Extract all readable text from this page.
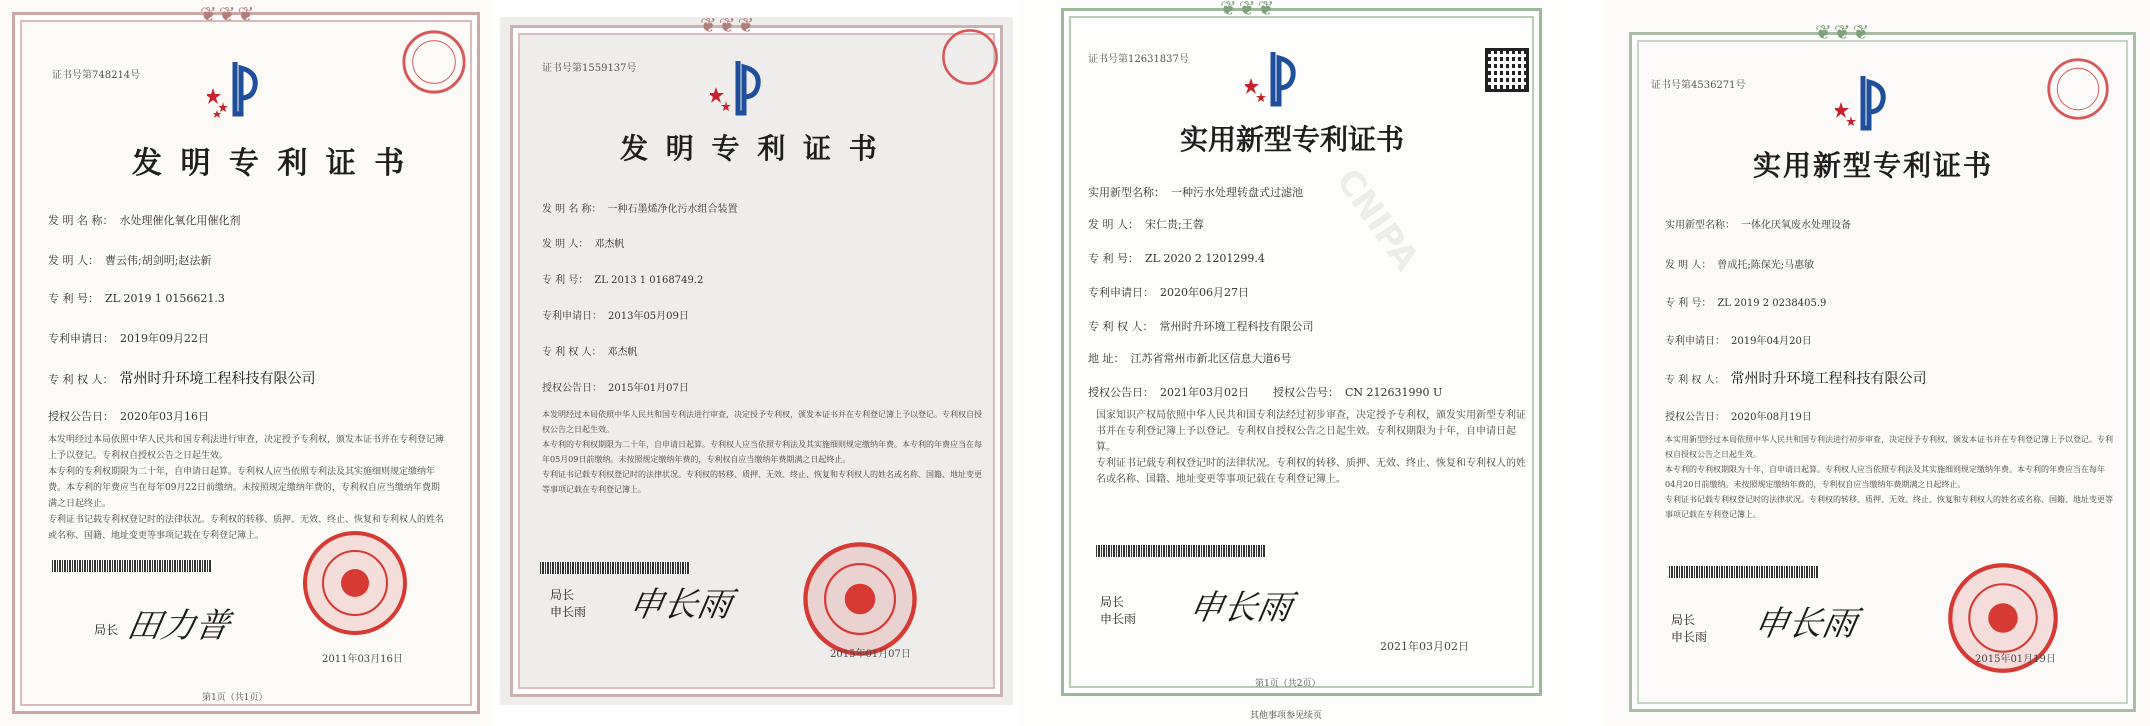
❦❦❦
证书号第748214号
发 明 专 利 证 书
发 明 名 称： 水处理催化氧化用催化剂
发 明 人： 曹云伟;胡剑明;赵法新
专 利 号： ZL 2019 1 0156621.3
专利申请日： 2019年09月22日
专 利 权 人： 常州时升环境工程科技有限公司
授权公告日： 2020年03月16日

本发明经过本局依照中华人民共和国专利法进行审查，决定授予专利权，颁发本证书并在专利登记簿上予以登记。专利权自授权公告之日起生效。

本专利的专利权期限为二十年，自申请日起算。专利权人应当依照专利法及其实施细则规定缴纳年费。本专利的年费应当在每年09月22日前缴纳。未按照规定缴纳年费的，专利权自应当缴纳年费期满之日起终止。

专利证书记载专利权登记时的法律状况。专利权的转移、质押、无效、终止、恢复和专利权人的姓名或名称、国籍、地址变更等事项记载在专利登记簿上。

局长 田力普
2011年03月16日
第1页（共1页）
❦❦❦
证书号第1559137号
发 明 专 利 证 书
发 明 名 称： 一种石墨烯净化污水组合装置
发 明 人： 邓杰帆
专 利 号： ZL 2013 1 0168749.2
专利申请日： 2013年05月09日
专 利 权 人： 邓杰帆
授权公告日： 2015年01月07日

本发明经过本局依照中华人民共和国专利法进行审查，决定授予专利权，颁发本证书并在专利登记簿上予以登记。专利权自授权公告之日起生效。

本专利的专利权期限为二十年，自申请日起算。专利权人应当依照专利法及其实施细则规定缴纳年费。本专利的年费应当在每年05月09日前缴纳。未按照规定缴纳年费的，专利权自应当缴纳年费期满之日起终止。

专利证书记载专利权登记时的法律状况。专利权的转移、质押、无效、终止、恢复和专利权人的姓名或名称、国籍、地址变更等事项记载在专利登记簿上。

局长
申长雨 申长雨
2015年01月07日
❦❦❦
CNIPA
证书号第12631837号
实用新型专利证书
实用新型名称： 一种污水处理转盘式过滤池
发 明 人： 宋仁贵;王蓉
专 利 号： ZL 2020 2 1201299.4
专利申请日： 2020年06月27日
专 利 权 人： 常州时升环境工程科技有限公司
地 址： 江苏省常州市新北区信息大道6号
授权公告日： 2021年03月02日 授权公告号： CN 212631990 U

国家知识产权局依照中华人民共和国专利法经过初步审查，决定授予专利权，颁发实用新型专利证书并在专利登记簿上予以登记。专利权自授权公告之日起生效。专利权期限为十年，自申请日起算。

专利证书记载专利权登记时的法律状况。专利权的转移、质押、无效、终止、恢复和专利权人的姓名或名称、国籍、地址变更等事项记载在专利登记簿上。

局长
申长雨 申长雨
2021年03月02日
第1页（共2页）
其他事项参见续页
❦❦❦
证书号第4536271号
实用新型专利证书
实用新型名称： 一体化厌氧废水处理设备
发 明 人： 曾成托;陈保光;马惠敏
专 利 号： ZL 2019 2 0238405.9
专利申请日： 2019年04月20日
专 利 权 人： 常州时升环境工程科技有限公司
授权公告日： 2020年08月19日

本实用新型经过本局依照中华人民共和国专利法进行初步审查，决定授予专利权，颁发本证书并在专利登记簿上予以登记。专利权自授权公告之日起生效。

本专利的专利权期限为十年，自申请日起算。专利权人应当依照专利法及其实施细则规定缴纳年费。本专利的年费应当在每年04月20日前缴纳。未按照规定缴纳年费的，专利权自应当缴纳年费期满之日起终止。

专利证书记载专利权登记时的法律状况。专利权的转移、质押、无效、终止、恢复和专利权人的姓名或名称、国籍、地址变更等事项记载在专利登记簿上。

局长
申长雨 申长雨
2015年01月19日
